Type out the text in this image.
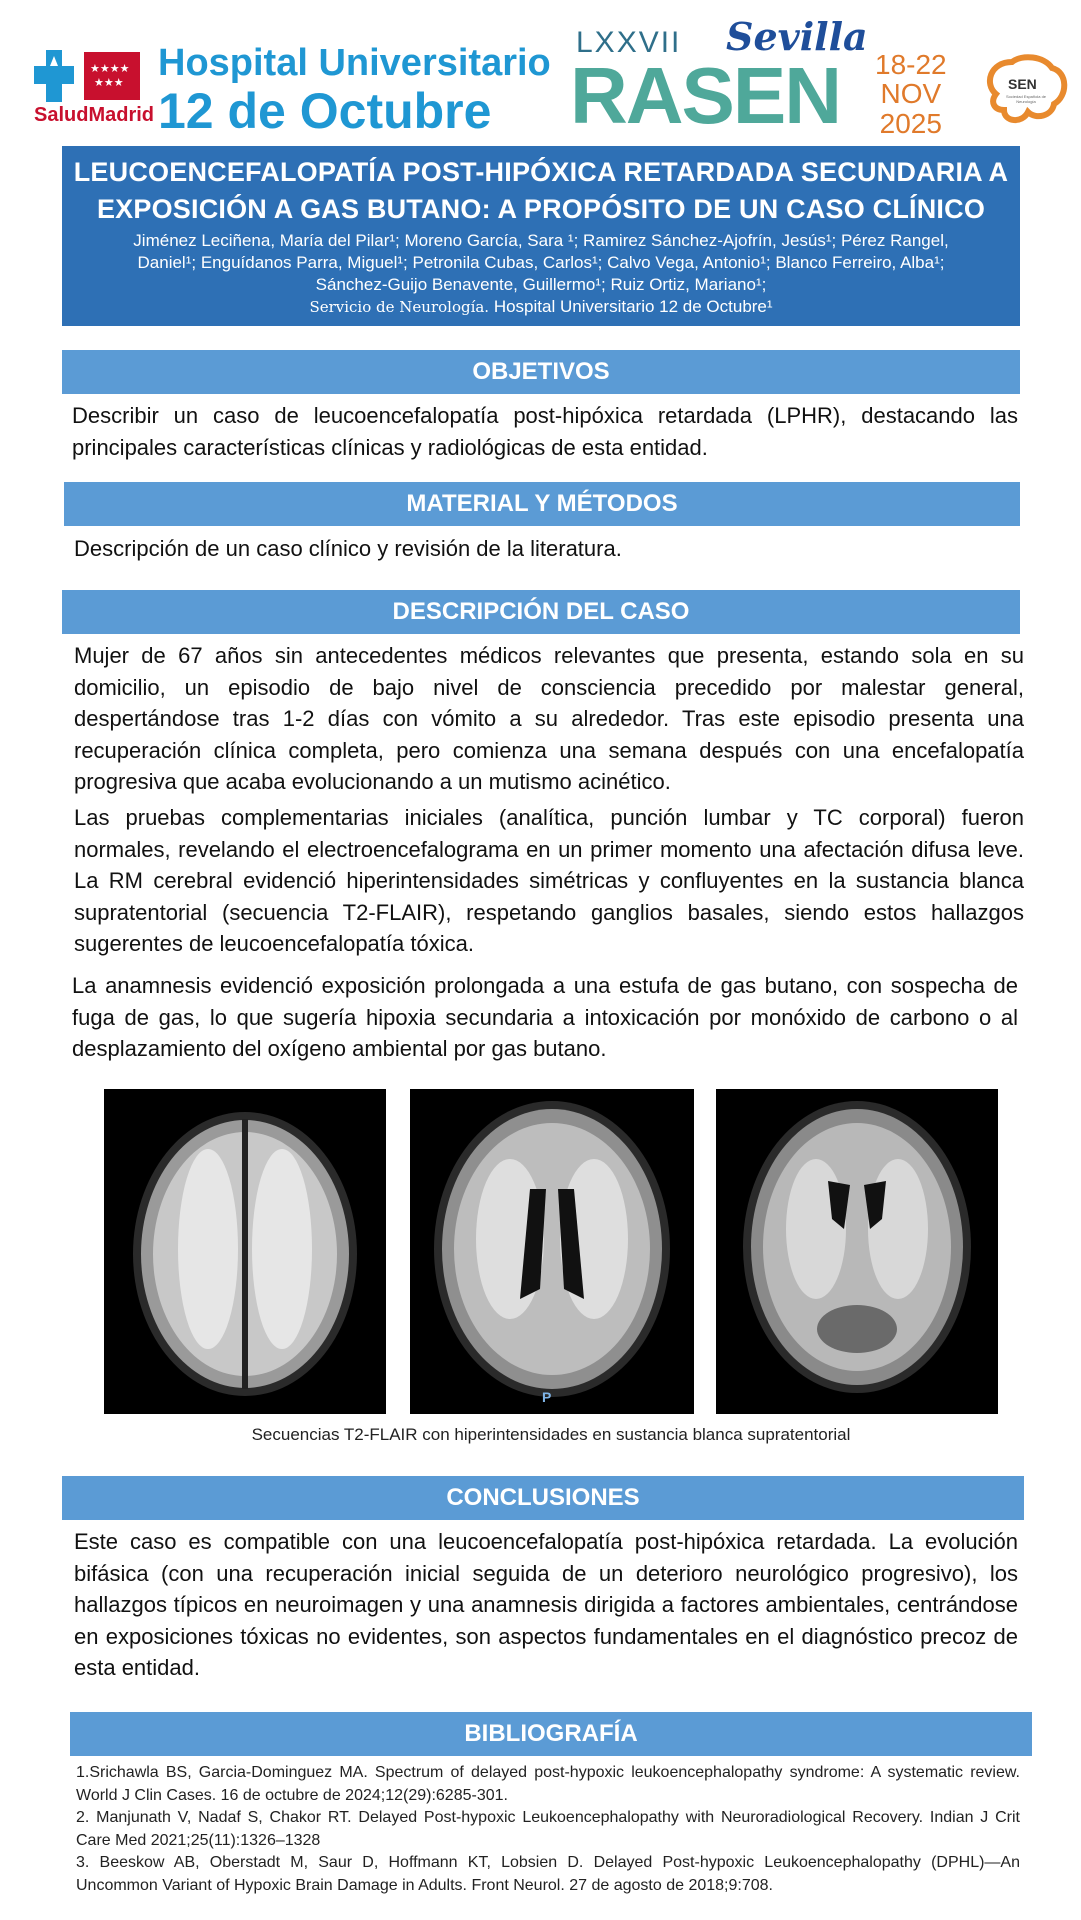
★★★★
★★★
SaludMadrid
Hospital Universitario
12 de Octubre
LXXVII
RASEN
Sevilla
18-22
NOV
2025
SEN
Sociedad Española de Neurología
LEUCOENCEFALOPATÍA POST-HIPÓXICA RETARDADA SECUNDARIA A
EXPOSICIÓN A GAS BUTANO: A PROPÓSITO DE UN CASO CLÍNICO
Jiménez Leciñena, María del Pilar¹; Moreno García, Sara ¹; Ramirez Sánchez-Ajofrín, Jesús¹; Pérez Rangel,
Daniel¹; Enguídanos Parra, Miguel¹; Petronila Cubas, Carlos¹; Calvo Vega, Antonio¹; Blanco Ferreiro, Alba¹;
Sánchez-Guijo Benavente, Guillermo¹; Ruiz Ortiz, Mariano¹;
Servicio de Neurología. Hospital Universitario 12 de Octubre¹
OBJETIVOS
Describir un caso de leucoencefalopatía post-hipóxica retardada (LPHR), destacando las principales características clínicas y radiológicas de esta entidad.
MATERIAL Y MÉTODOS
Descripción de un caso clínico y revisión de la literatura.
DESCRIPCIÓN DEL CASO
Mujer de 67 años sin antecedentes médicos relevantes que presenta, estando sola en su domicilio, un episodio de bajo nivel de consciencia precedido por malestar general, despertándose tras 1-2 días con vómito a su alrededor. Tras este episodio presenta una recuperación clínica completa, pero comienza una semana después con una encefalopatía progresiva que acaba evolucionando a un mutismo acinético.
Las pruebas complementarias iniciales (analítica, punción lumbar y TC corporal) fueron normales, revelando el electroencefalograma en un primer momento una afectación difusa leve. La RM cerebral evidenció hiperintensidades simétricas y confluyentes en la sustancia blanca supratentorial (secuencia T2-FLAIR), respetando ganglios basales, siendo estos hallazgos sugerentes de leucoencefalopatía tóxica.
La anamnesis evidenció exposición prolongada a una estufa de gas butano, con sospecha de fuga de gas, lo que sugería hipoxia secundaria a intoxicación por monóxido de carbono o al desplazamiento del oxígeno ambiental por gas butano.
P
Secuencias T2-FLAIR con hiperintensidades en sustancia blanca supratentorial
CONCLUSIONES
Este caso es compatible con una leucoencefalopatía post-hipóxica retardada. La evolución bifásica (con una recuperación inicial seguida de un deterioro neurológico progresivo), los hallazgos típicos en neuroimagen y una anamnesis dirigida a factores ambientales, centrándose en exposiciones tóxicas no evidentes, son aspectos fundamentales en el diagnóstico precoz de esta entidad.
BIBLIOGRAFÍA
1.Srichawla BS, Garcia-Dominguez MA. Spectrum of delayed post-hypoxic leukoencephalopathy syndrome: A systematic review. World J Clin Cases. 16 de octubre de 2024;12(29):6285-301.
2. Manjunath V, Nadaf S, Chakor RT. Delayed Post-hypoxic Leukoencephalopathy with Neuroradiological Recovery. Indian J Crit Care Med 2021;25(11):1326–1328
3. Beeskow AB, Oberstadt M, Saur D, Hoffmann KT, Lobsien D. Delayed Post-hypoxic Leukoencephalopathy (DPHL)—An Uncommon Variant of Hypoxic Brain Damage in Adults. Front Neurol. 27 de agosto de 2018;9:708.
